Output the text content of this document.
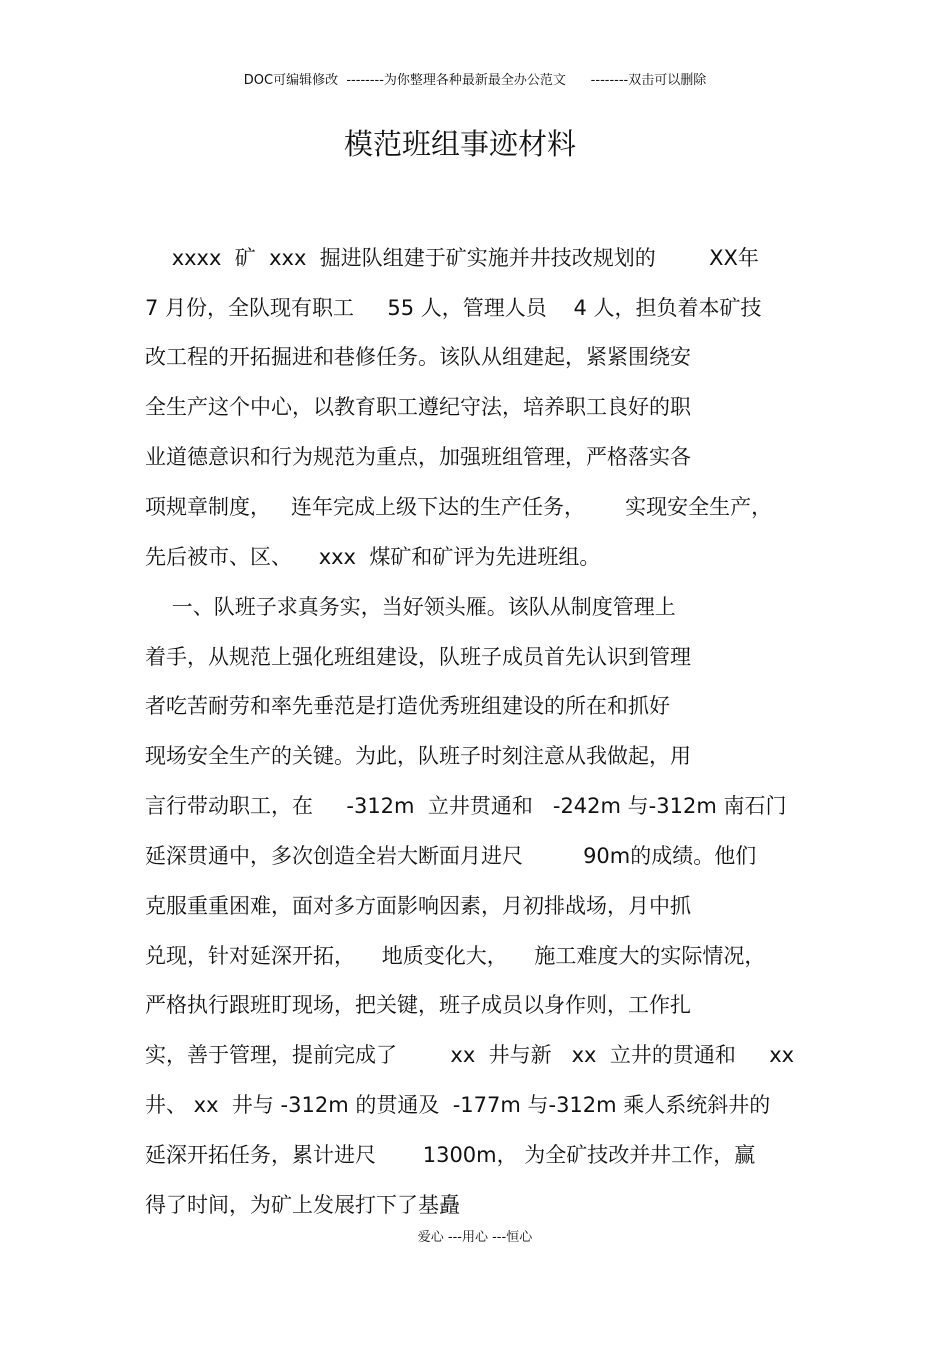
DOC可编辑修改  --------为你整理各种最新最全办公范文      --------双击可以删除
模范班组事迹材料
xxxx  矿  xxx  掘进队组建于矿实施并井技改规划的        XX年
7 月份，全队现有职工     55 人，管理人员    4 人，担负着本矿技
改工程的开拓掘进和巷修任务。该队从组建起，紧紧围绕安
全生产这个中心，以教育职工遵纪守法，培养职工良好的职
业道德意识和行为规范为重点，加强班组管理，严格落实各
项规章制度，   连年完成上级下达的生产任务，      实现安全生产，
先后被市、区、    xxx  煤矿和矿评为先进班组。
一、队班子求真务实，当好领头雁。该队从制度管理上
着手，从规范上强化班组建设，队班子成员首先认识到管理
者吃苦耐劳和率先垂范是打造优秀班组建设的所在和抓好
现场安全生产的关键。为此，队班子时刻注意从我做起，用
言行带动职工，在     -312m  立井贯通和   -242m 与-312m 南石门
延深贯通中，多次创造全岩大断面月进尺         90m的成绩。他们
克服重重困难，面对多方面影响因素，月初排战场，月中抓
兑现，针对延深开拓，    地质变化大，    施工难度大的实际情况，
严格执行跟班盯现场，把关键，班子成员以身作则，工作扎
实，善于管理，提前完成了        xx  井与新   xx  立井的贯通和     xx
井、 xx  井与 -312m 的贯通及  -177m 与-312m 乘人系统斜井的
延深开拓任务，累计进尺       1300m， 为全矿技改并井工作，赢
得了时间，为矿上发展打下了基矗
爱心 ---用心 ---恒心
